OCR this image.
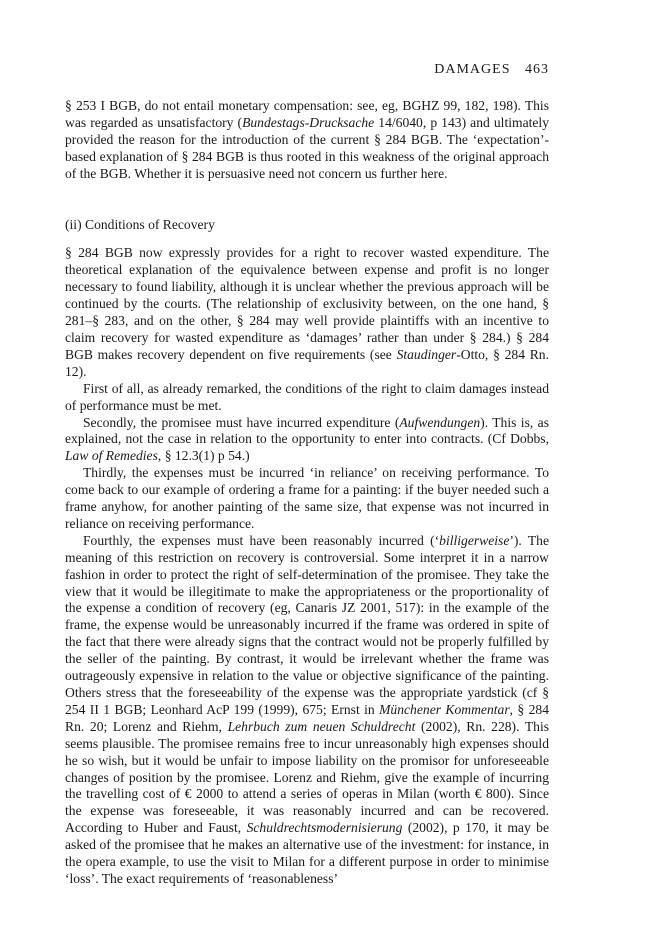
DAMAGES 463

§ 253 I BGB, do not entail monetary compensation: see, eg, BGHZ 99, 182, 198). This was regarded as unsatisfactory (Bundestags-Drucksache 14/6040, p 143) and ultimately provided the reason for the introduction of the current § 284 BGB. The ‘expectation’-based explanation of § 284 BGB is thus rooted in this weakness of the original approach of the BGB. Whether it is persuasive need not concern us further here.

(ii) Conditions of Recovery

§ 284 BGB now expressly provides for a right to recover wasted expenditure. The theoretical explanation of the equivalence between expense and profit is no longer necessary to found liability, although it is unclear whether the previous approach will be continued by the courts. (The relationship of exclusivity between, on the one hand, § 281–§ 283, and on the other, § 284 may well provide plaintiffs with an incentive to claim recovery for wasted expenditure as ‘damages’ rather than under § 284.) § 284 BGB makes recovery dependent on five requirements (see Staudinger-Otto, § 284 Rn. 12).

First of all, as already remarked, the conditions of the right to claim damages instead of performance must be met.

Secondly, the promisee must have incurred expenditure (Aufwendungen). This is, as explained, not the case in relation to the opportunity to enter into contracts. (Cf Dobbs, Law of Remedies, § 12.3(1) p 54.)

Thirdly, the expenses must be incurred ‘in reliance’ on receiving performance. To come back to our example of ordering a frame for a painting: if the buyer needed such a frame anyhow, for another painting of the same size, that expense was not incurred in reliance on receiving performance.

Fourthly, the expenses must have been reasonably incurred (‘billigerweise’). The meaning of this restriction on recovery is controversial. Some interpret it in a narrow fashion in order to protect the right of self-determination of the promisee. They take the view that it would be illegitimate to make the appropriateness or the proportionality of the expense a condition of recovery (eg, Canaris JZ 2001, 517): in the example of the frame, the expense would be unreasonably incurred if the frame was ordered in spite of the fact that there were already signs that the contract would not be properly fulfilled by the seller of the painting. By contrast, it would be irrelevant whether the frame was outrageously expensive in relation to the value or objective significance of the painting. Others stress that the foreseeability of the expense was the appropriate yardstick (cf § 254 II 1 BGB; Leonhard AcP 199 (1999), 675; Ernst in Münchener Kommentar, § 284 Rn. 20; Lorenz and Riehm, Lehrbuch zum neuen Schuldrecht (2002), Rn. 228). This seems plausible. The promisee remains free to incur unreasonably high expenses should he so wish, but it would be unfair to impose liability on the promisor for unforeseeable changes of position by the promisee. Lorenz and Riehm, give the example of incurring the travelling cost of € 2000 to attend a series of operas in Milan (worth € 800). Since the expense was foreseeable, it was reasonably incurred and can be recovered. According to Huber and Faust, Schuldrechtsmodernisierung (2002), p 170, it may be asked of the promisee that he makes an alternative use of the investment: for instance, in the opera example, to use the visit to Milan for a different purpose in order to minimise ‘loss’. The exact requirements of ‘reasonableness’
